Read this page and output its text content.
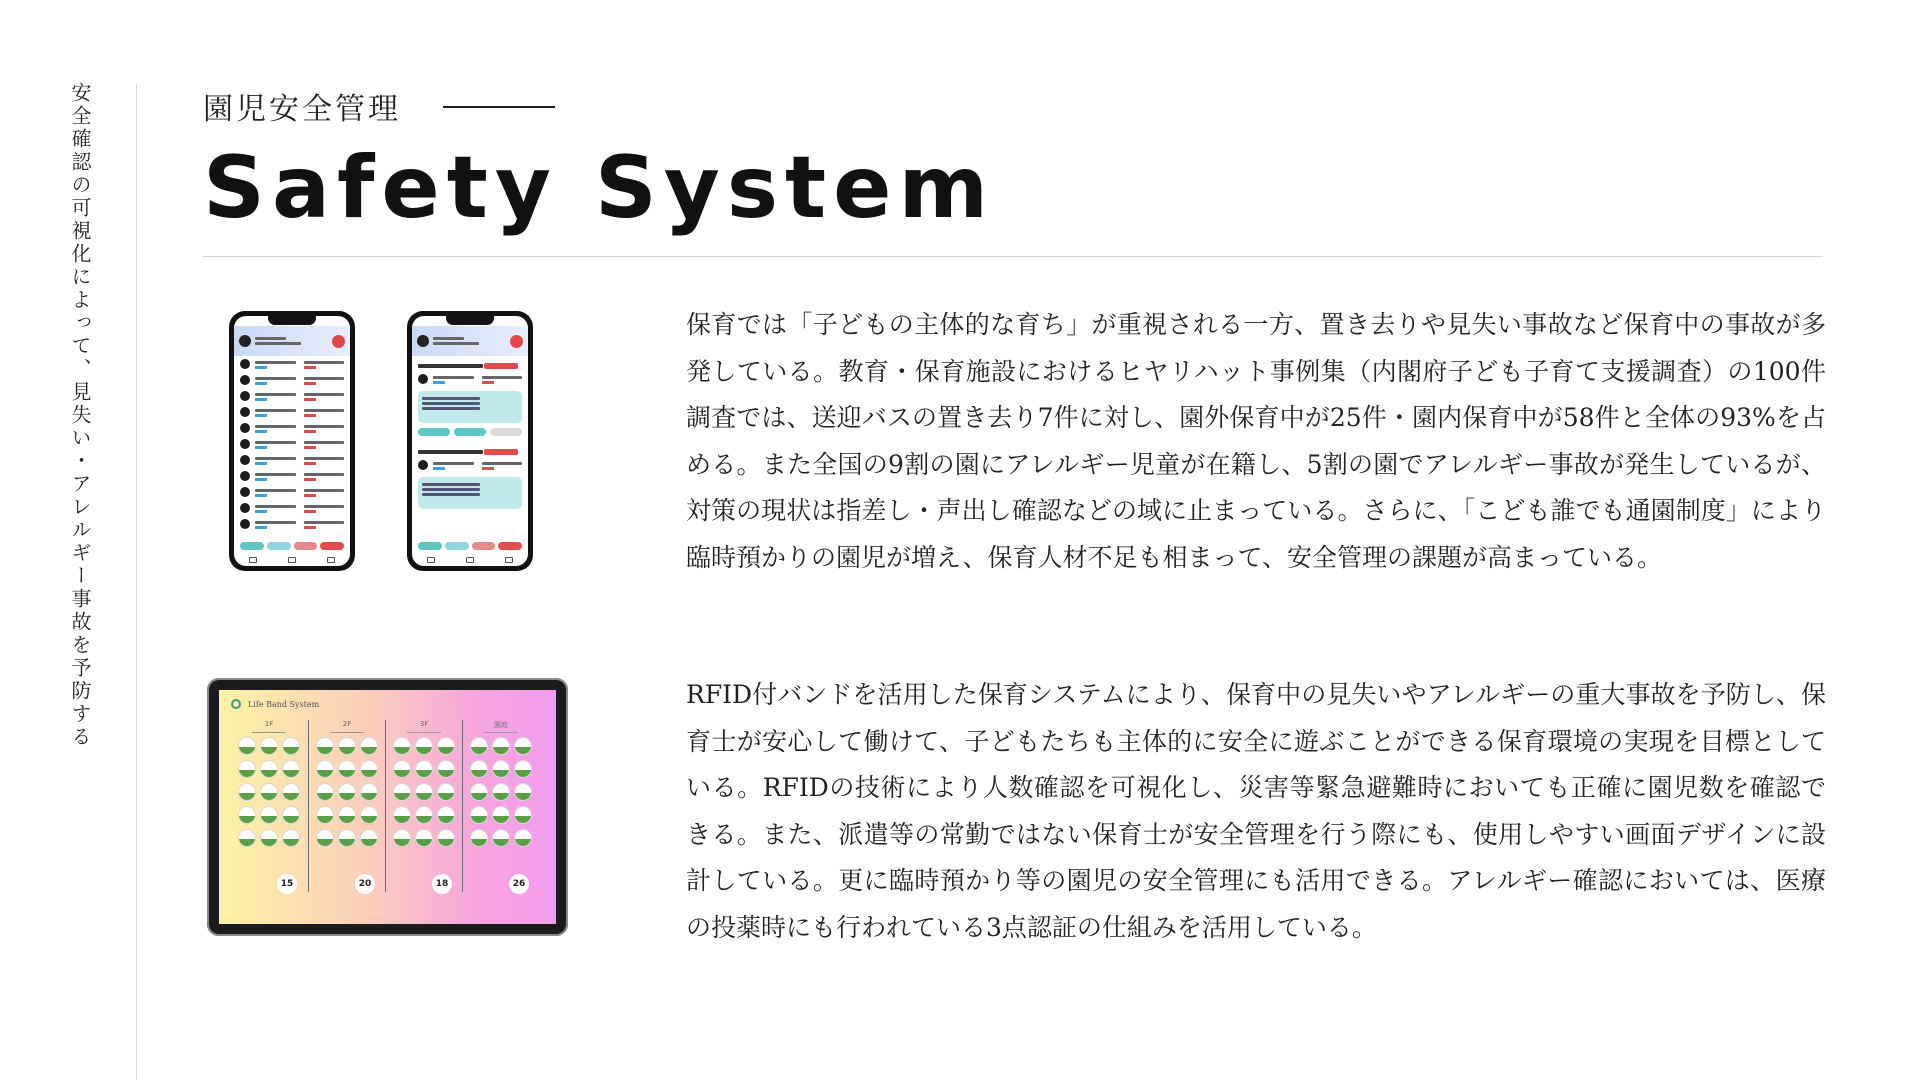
安全確認の可視化によって、見失い・アレルギー事故を予防する	園児安全管理
Safety System

保育では「子どもの主体的な育ち」が重視される一方、置き去りや見失い事故など保育中の事故が多発している。教育・保育施設におけるヒヤリハット事例集（内閣府子ども子育て支援調査）の100件調査では、送迎バスの置き去り7件に対し、園外保育中が25件・園内保育中が58件と全体の93%を占める。また全国の9割の園にアレルギー児童が在籍し、5割の園でアレルギー事故が発生しているが、対策の現状は指差し・声出し確認などの域に止まっている。さらに、「こども誰でも通園制度」により臨時預かりの園児が増え、保育人材不足も相まって、安全管理の課題が高まっている。

Life Band System
1F
15
2F
20
3F
18
園庭
26

RFID付バンドを活用した保育システムにより、保育中の見失いやアレルギーの重大事故を予防し、保育士が安心して働けて、子どもたちも主体的に安全に遊ぶことができる保育環境の実現を目標としている。RFIDの技術により人数確認を可視化し、災害等緊急避難時においても正確に園児数を確認できる。また、派遣等の常勤ではない保育士が安全管理を行う際にも、使用しやすい画面デザインに設計している。更に臨時預かり等の園児の安全管理にも活用できる。アレルギー確認においては、医療の投薬時にも行われている3点認証の仕組みを活用している。
